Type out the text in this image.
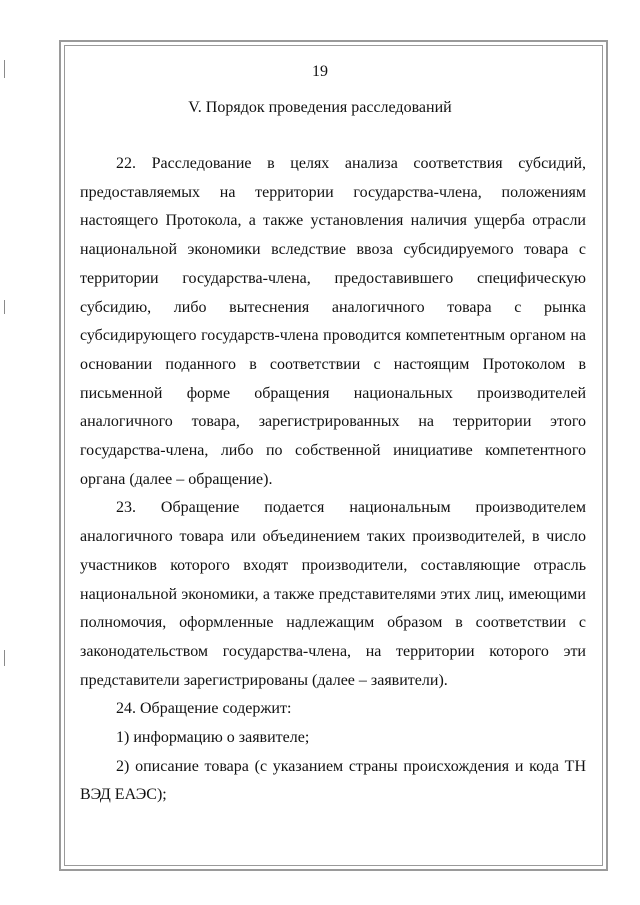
19
V. Порядок проведения расследований

22. Расследование в целях анализа соответствия субсидий, предоставляемых на территории государства-члена, положениям настоящего Протокола, а также установления наличия ущерба отрасли национальной экономики вследствие ввоза субсидируемого товара с территории государства-члена, предоставившего специфическую субсидию, либо вытеснения аналогичного товара с рынка субсидирующего государств-члена проводится компетентным органом на основании поданного в соответствии с настоящим Протоколом в письменной форме обращения национальных производителей аналогичного товара, зарегистрированных на территории этого государства-члена, либо по собственной инициативе компетентного органа (далее – обращение).

23. Обращение подается национальным производителем аналогичного товара или объединением таких производителей, в число участников которого входят производители, составляющие отрасль национальной экономики, а также представителями этих лиц, имеющими полномочия, оформленные надлежащим образом в соответствии с законодательством государства-члена, на территории которого эти представители зарегистрированы (далее – заявители).

24. Обращение содержит:

1) информацию о заявителе;

2) описание товара (с указанием страны происхождения и кода ТН ВЭД ЕАЭС);
